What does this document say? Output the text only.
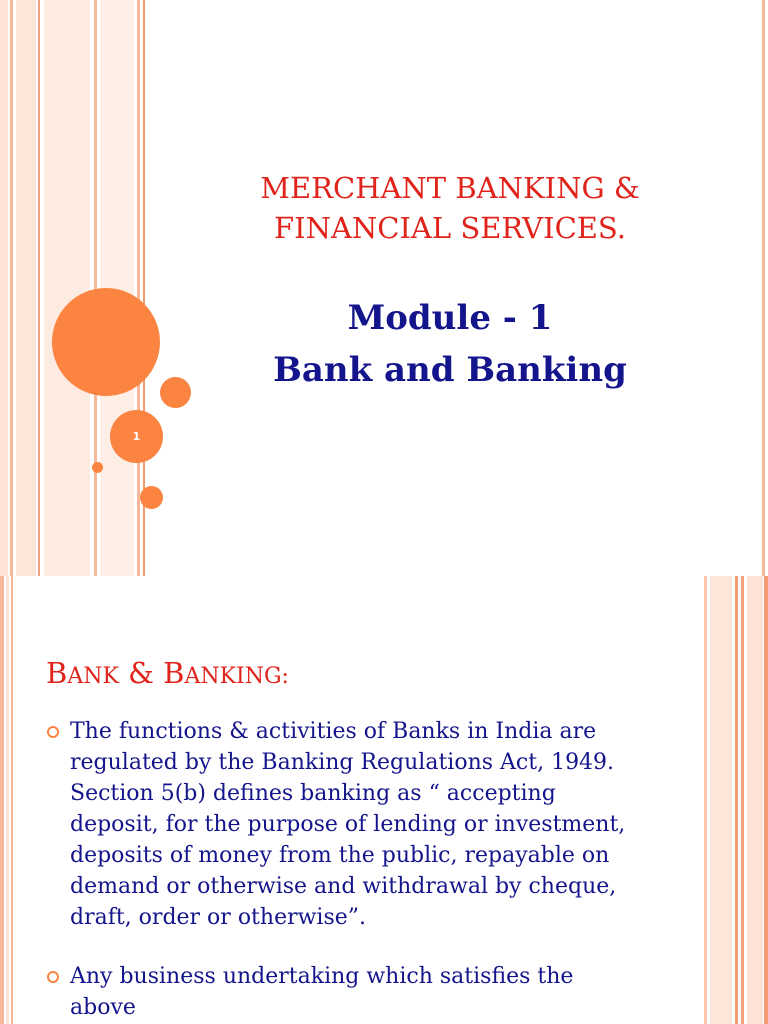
1
MERCHANT BANKING &
FINANCIAL SERVICES.
Module - 1
Bank and Banking
BANK & BANKING:
The functions & activities of Banks in India are
regulated by the Banking Regulations Act, 1949.
Section 5(b) defines banking as “ accepting
deposit, for the purpose of lending or investment,
deposits of money from the public, repayable on
demand or otherwise and withdrawal by cheque,
draft, order or otherwise”.
Any business undertaking which satisfies the
above
